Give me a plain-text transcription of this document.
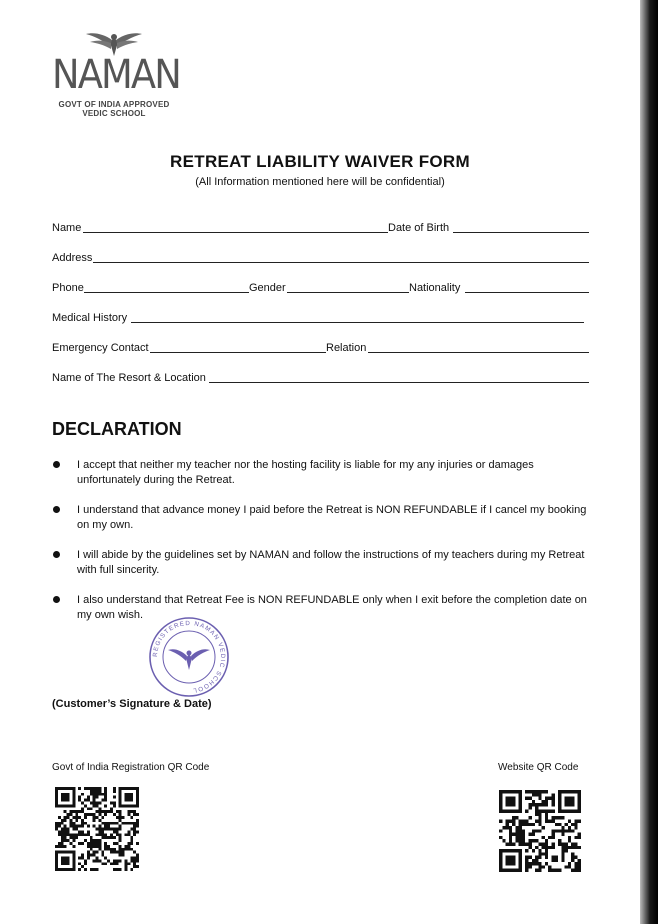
NAMAN
GOVT OF INDIA APPROVED
VEDIC SCHOOL
RETREAT LIABILITY WAIVER FORM
(All Information mentioned here will be confidential)
Name	Date of Birth
Address
Phone	Gender	Nationality
Medical History
Emergency Contact	Relation
Name of The Resort & Location
DECLARATION
I accept that neither my teacher nor the hosting facility is liable for my any injuries or damages unfortunately during the Retreat.
I understand that advance money I paid before the Retreat is NON REFUNDABLE if I cancel my booking on my own.
I will abide by the guidelines set by NAMAN and follow the instructions of my teachers during my Retreat with full sincerity.
I also understand that Retreat Fee is NON REFUNDABLE only when I exit before the completion date on my own wish.
REGISTERED NAMAN VEDIC SCHOOL
(Customer’s Signature & Date)
Govt of India Registration QR Code	Website QR Code
